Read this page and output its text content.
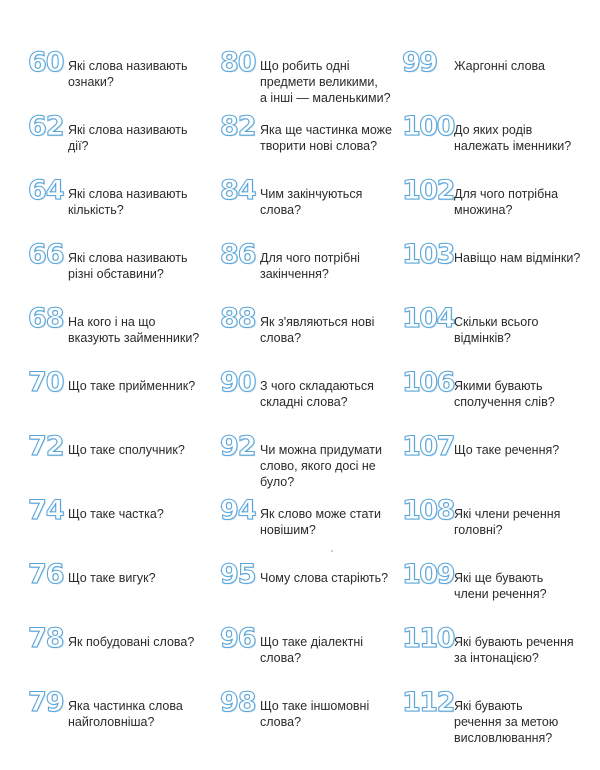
60 Які слова називають
ознаки?
62 Які слова називають
дії?
64 Які слова називають
кількість?
66 Які слова називають
різні обставини?
68 На кого і на що
вказують займенники?
70 Що таке прийменник?
72 Що таке сполучник?
74 Що таке частка?
76 Що таке вигук?
78 Як побудовані слова?
79 Яка частинка слова
найголовніша?
80 Що робить одні
предмети великими,
а інші — маленькими?
82 Яка ще частинка може
творити нові слова?
84 Чим закінчуються
слова?
86 Для чого потрібні
закінчення?
88 Як з'являються нові
слова?
90 З чого складаються
складні слова?
92 Чи можна придумати
слово, якого досі не
було?
94 Як слово може стати
новішим?
95 Чому слова старіють?
96 Що таке діалектні
слова?
98 Що таке іншомовні
слова?
99 Жаргонні слова
100 До яких родів
належать іменники?
102 Для чого потрібна
множина?
103 Навіщо нам відмінки?
104 Скільки всього
відмінків?
106 Якими бувають
сполучення слів?
107 Що таке речення?
108 Які члени речення
головні?
109 Які ще бувають
члени речення?
110 Які бувають речення
за інтонацією?
112 Які бувають
речення за метою
висловлювання?
